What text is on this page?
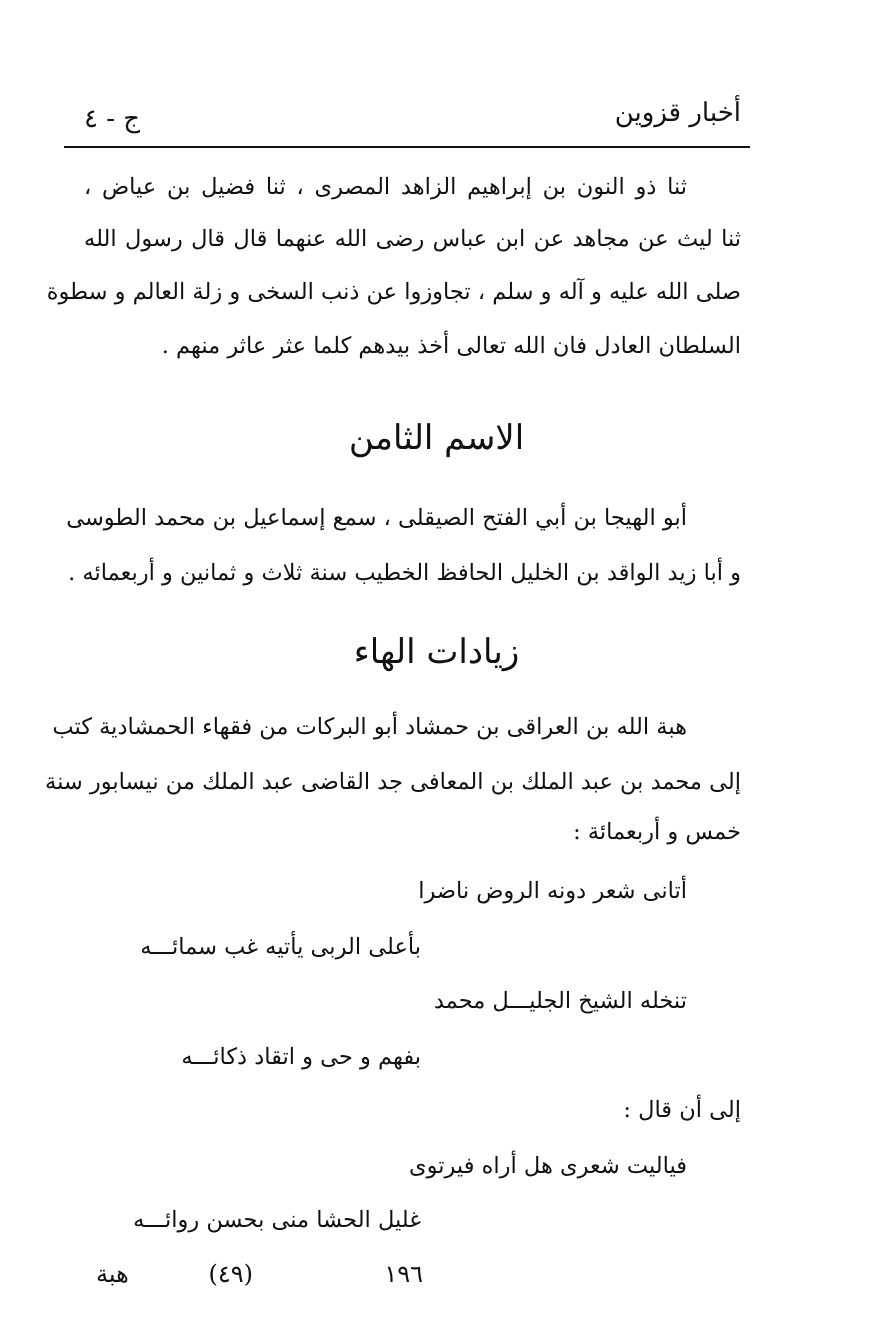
أخبار قزوين
ج - ٤
ثنا ذو النون بن إبراهيم الزاهد المصرى ، ثنا فضيل بن عياض ،
ثنا ليث عن مجاهد عن ابن عباس رضى الله عنهما قال قال رسول الله
صلى الله عليه و آله و سلم ، تجاوزوا عن ذنب السخى و زلة العالم و سطوة
السلطان العادل فان الله تعالى أخذ بيدهم كلما عثر عاثر منهم .
الاسم الثامن
أبو الهيجا بن أبي الفتح الصيقلى ، سمع إسماعيل بن محمد الطوسى
و أبا زيد الواقد بن الخليل الحافظ الخطيب سنة ثلاث و ثمانين و أربعمائه .
زيادات الهاء
هبة الله بن العراقى بن حمشاد أبو البركات من فقهاء الحمشادية كتب
إلى محمد بن عبد الملك بن المعافى جد القاضى عبد الملك من نيسابور سنة
خمس و أربعمائة :
أتانى شعر دونه الروض ناضرا
بأعلى الربى يأتيه غب سمائـــه
تنخله الشيخ الجليـــل محمد
بفهم و حى و اتقاد ذكائـــه
إلى أن قال :
فياليت شعرى هل أراه فيرتوى
غليل الحشا منى بحسن روائـــه
١٩٦
(٤٩)
هبة
